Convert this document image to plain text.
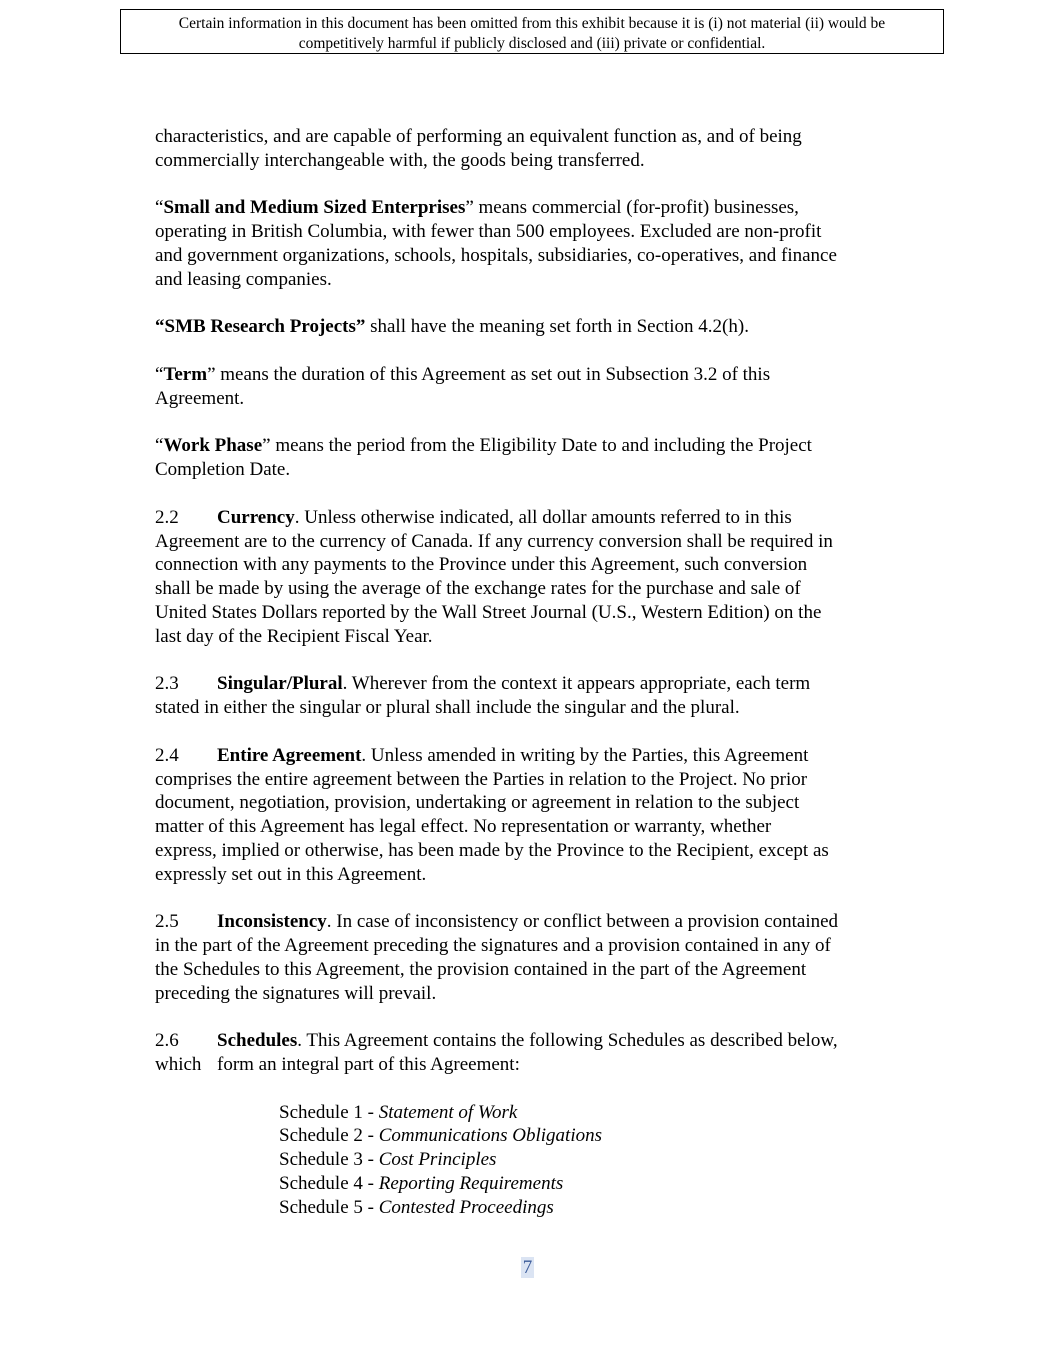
Certain information in this document has been omitted from this exhibit because it is (i) not material (ii) would be
competitively harmful if publicly disclosed and (iii) private or confidential.

characteristics, and are capable of performing an equivalent function as, and of being
commercially interchangeable with, the goods being transferred.

“Small and Medium Sized Enterprises” means commercial (for-profit) businesses,
operating in British Columbia, with fewer than 500 employees. Excluded are non-profit
and government organizations, schools, hospitals, subsidiaries, co-operatives, and finance
and leasing companies.

“SMB Research Projects” shall have the meaning set forth in Section 4.2(h).

“Term” means the duration of this Agreement as set out in Subsection 3.2 of this
Agreement.

“Work Phase” means the period from the Eligibility Date to and including the Project
Completion Date.

2.2 Currency. Unless otherwise indicated, all dollar amounts referred to in this
Agreement are to the currency of Canada. If any currency conversion shall be required in
connection with any payments to the Province under this Agreement, such conversion
shall be made by using the average of the exchange rates for the purchase and sale of
United States Dollars reported by the Wall Street Journal (U.S., Western Edition) on the
last day of the Recipient Fiscal Year.

2.3 Singular/Plural. Wherever from the context it appears appropriate, each term
stated in either the singular or plural shall include the singular and the plural.

2.4 Entire Agreement. Unless amended in writing by the Parties, this Agreement
comprises the entire agreement between the Parties in relation to the Project. No prior
document, negotiation, provision, undertaking or agreement in relation to the subject
matter of this Agreement has legal effect. No representation or warranty, whether
express, implied or otherwise, has been made by the Province to the Recipient, except as
expressly set out in this Agreement.

2.5 Inconsistency. In case of inconsistency or conflict between a provision contained
in the part of the Agreement preceding the signatures and a provision contained in any of
the Schedules to this Agreement, the provision contained in the part of the Agreement
preceding the signatures will prevail.

2.6 Schedules. This Agreement contains the following Schedules as described below,
which form an integral part of this Agreement:

Schedule 1 - Statement of Work
Schedule 2 - Communications Obligations
Schedule 3 - Cost Principles
Schedule 4 - Reporting Requirements
Schedule 5 - Contested Proceedings
7
